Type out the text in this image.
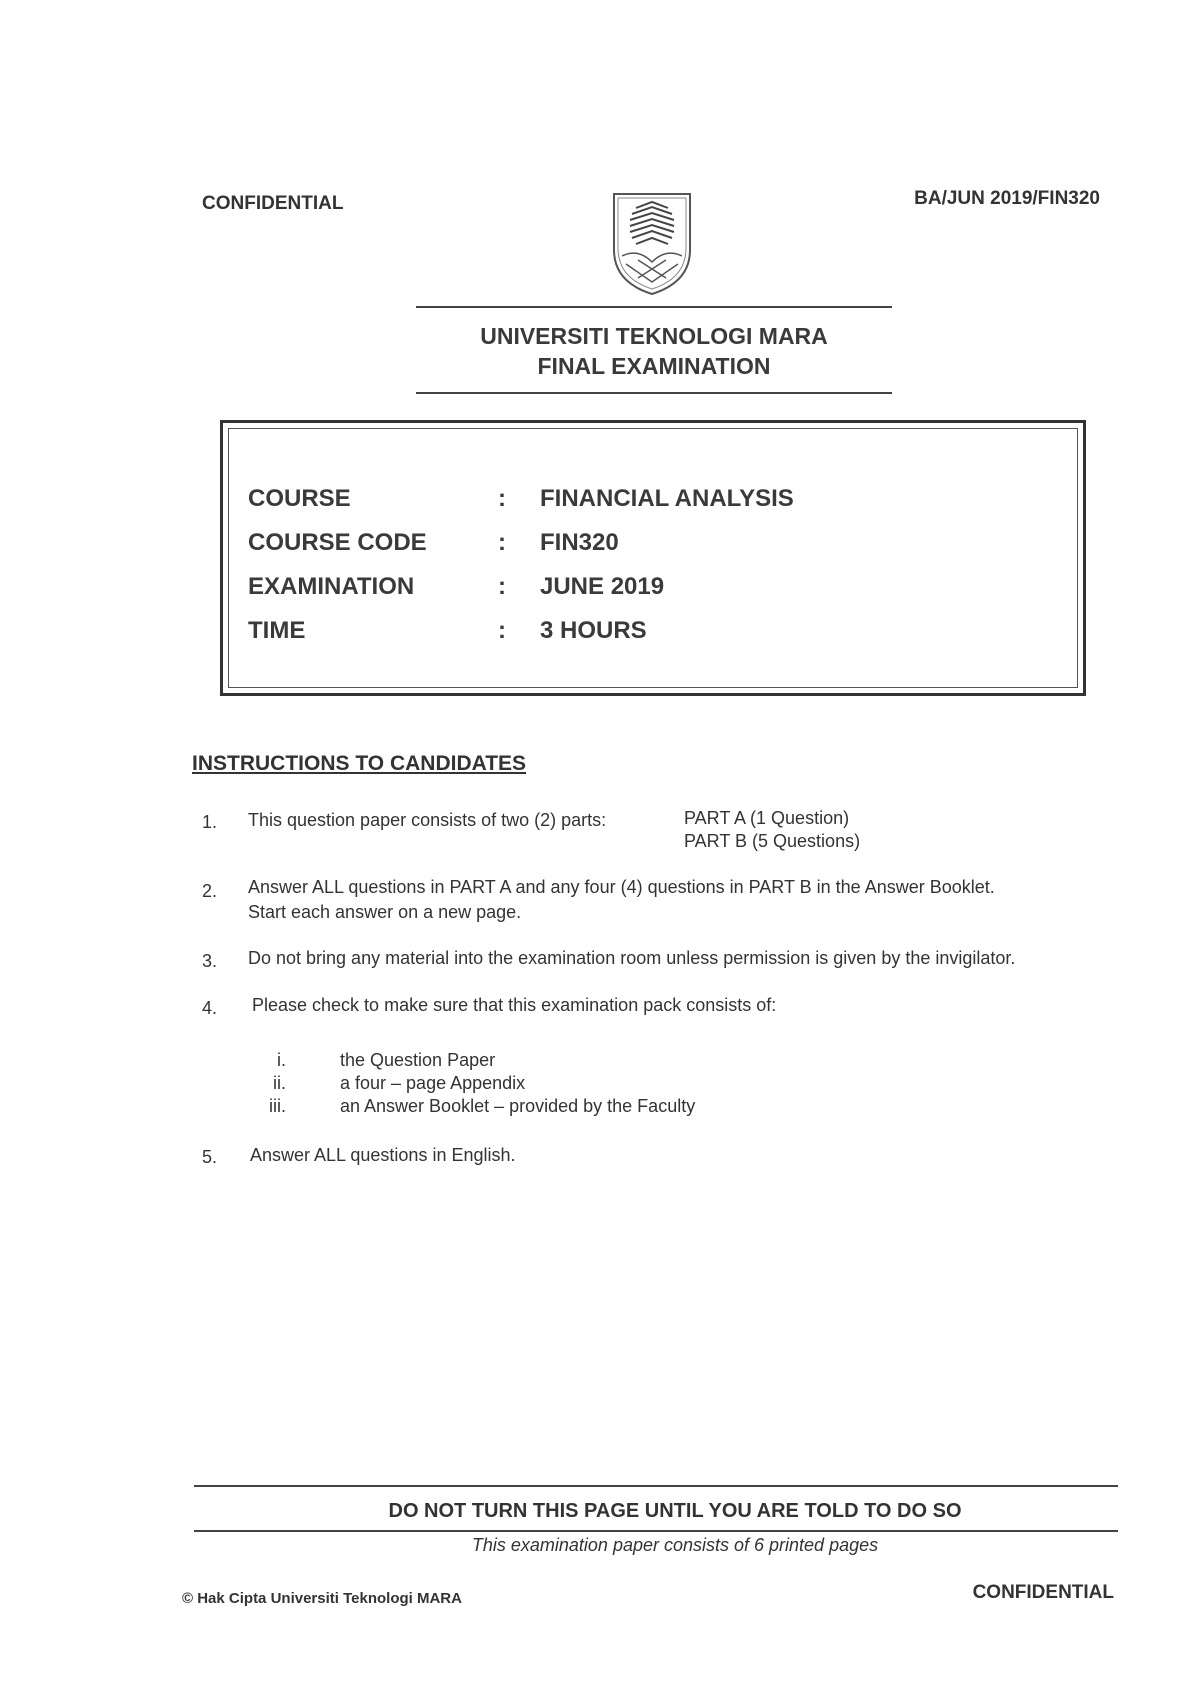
CONFIDENTIAL	BA/JUN 2019/FIN320
UNIVERSITI TEKNOLOGI MARA
FINAL EXAMINATION
COURSE	: FINANCIAL ANALYSIS
COURSE CODE	: FIN320
EXAMINATION	: JUNE 2019
TIME	: 3 HOURS
INSTRUCTIONS TO CANDIDATES
1. This question paper consists of two (2) parts:	PART A (1 Question)
PART B (5 Questions)
2. Answer ALL questions in PART A and any four (4) questions in PART B in the Answer Booklet.
Start each answer on a new page.
3. Do not bring any material into the examination room unless permission is given by the invigilator.
4. Please check to make sure that this examination pack consists of:
i.	the Question Paper
ii.	a four – page Appendix
iii.	an Answer Booklet – provided by the Faculty
5. Answer ALL questions in English.
DO NOT TURN THIS PAGE UNTIL YOU ARE TOLD TO DO SO
This examination paper consists of 6 printed pages
© Hak Cipta Universiti Teknologi MARA	CONFIDENTIAL
